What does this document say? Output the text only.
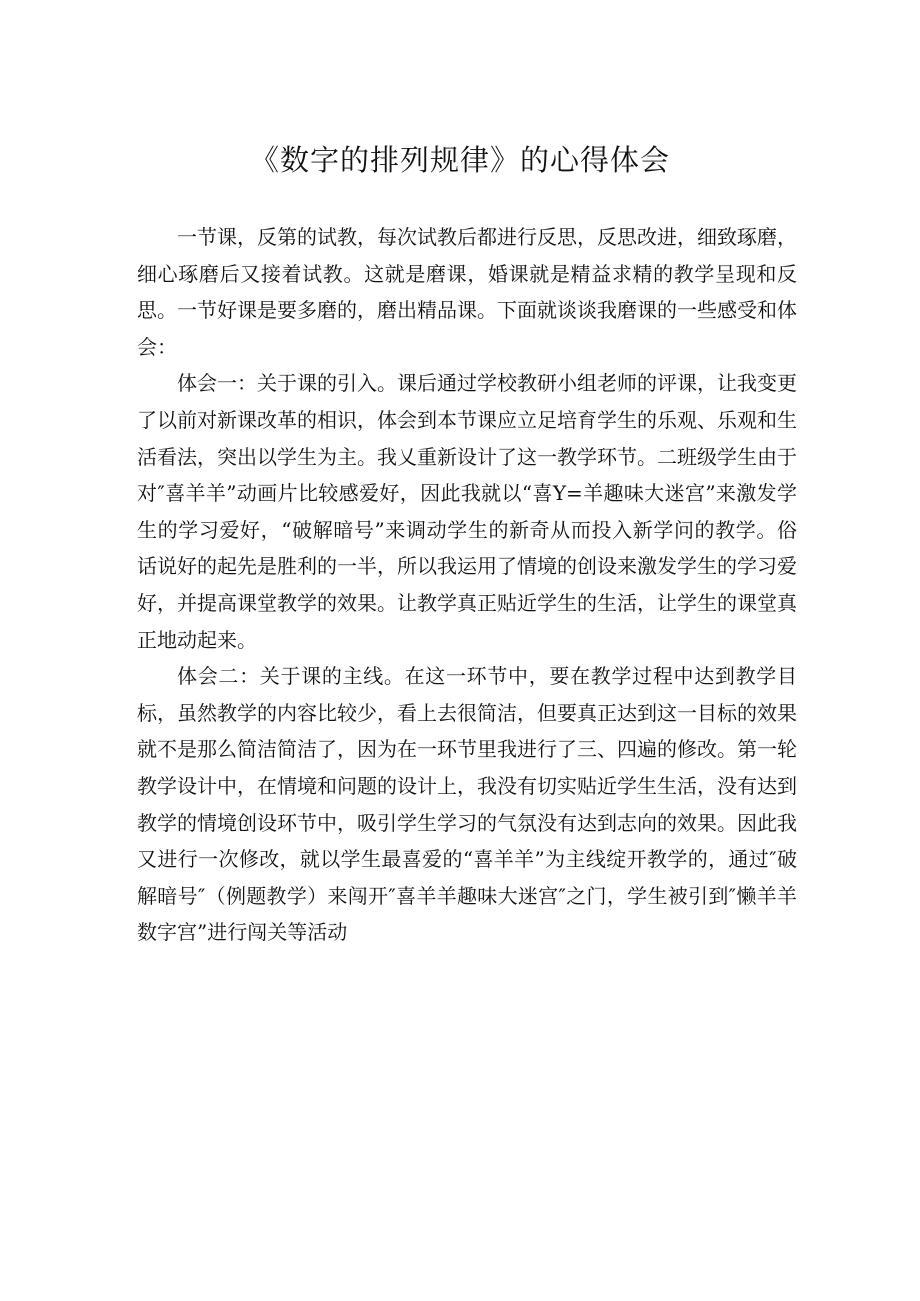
《数字的排列规律》的心得体会

一节课，反第的试教，每次试教后都进行反思，反思改进，细致琢磨，细心琢磨后又接着试教。这就是磨课，婚课就是精益求精的教学呈现和反思。一节好课是要多磨的，磨出精品课。下面就谈谈我磨课的一些感受和体会：

体会一：关于课的引入。课后通过学校教研小组老师的评课，让我变更了以前对新课改革的相识，体会到本节课应立足培育学生的乐观、乐观和生活看法，突出以学生为主。我乂重新设计了这一教学环节。二班级学生由于对″喜羊羊”动画片比较感爱好，因此我就以“喜Y=羊趣味大迷宫”来激发学生的学习爱好，“破解暗号”来调动学生的新奇从而投入新学问的教学。俗话说好的起先是胜利的一半，所以我运用了情境的创设来激发学生的学习爱好，并提高课堂教学的效果。让教学真正贴近学生的生活，让学生的课堂真正地动起来。

体会二：关于课的主线。在这一环节中，要在教学过程中达到教学目标，虽然教学的内容比较少，看上去很简洁，但要真正达到这一目标的效果就不是那么简洁简洁了，因为在一环节里我进行了三、四遍的修改。第一轮教学设计中，在情境和问题的设计上，我没有切实贴近学生生活，没有达到教学的情境创设环节中，吸引学生学习的气氛没有达到志向的效果。因此我又进行一次修改，就以学生最喜爱的“喜羊羊”为主线绽开教学的，通过″破解暗号″（例题教学）来闯开″喜羊羊趣味大迷宫″之门，学生被引到″懒羊羊数字宫”进行闯关等活动
